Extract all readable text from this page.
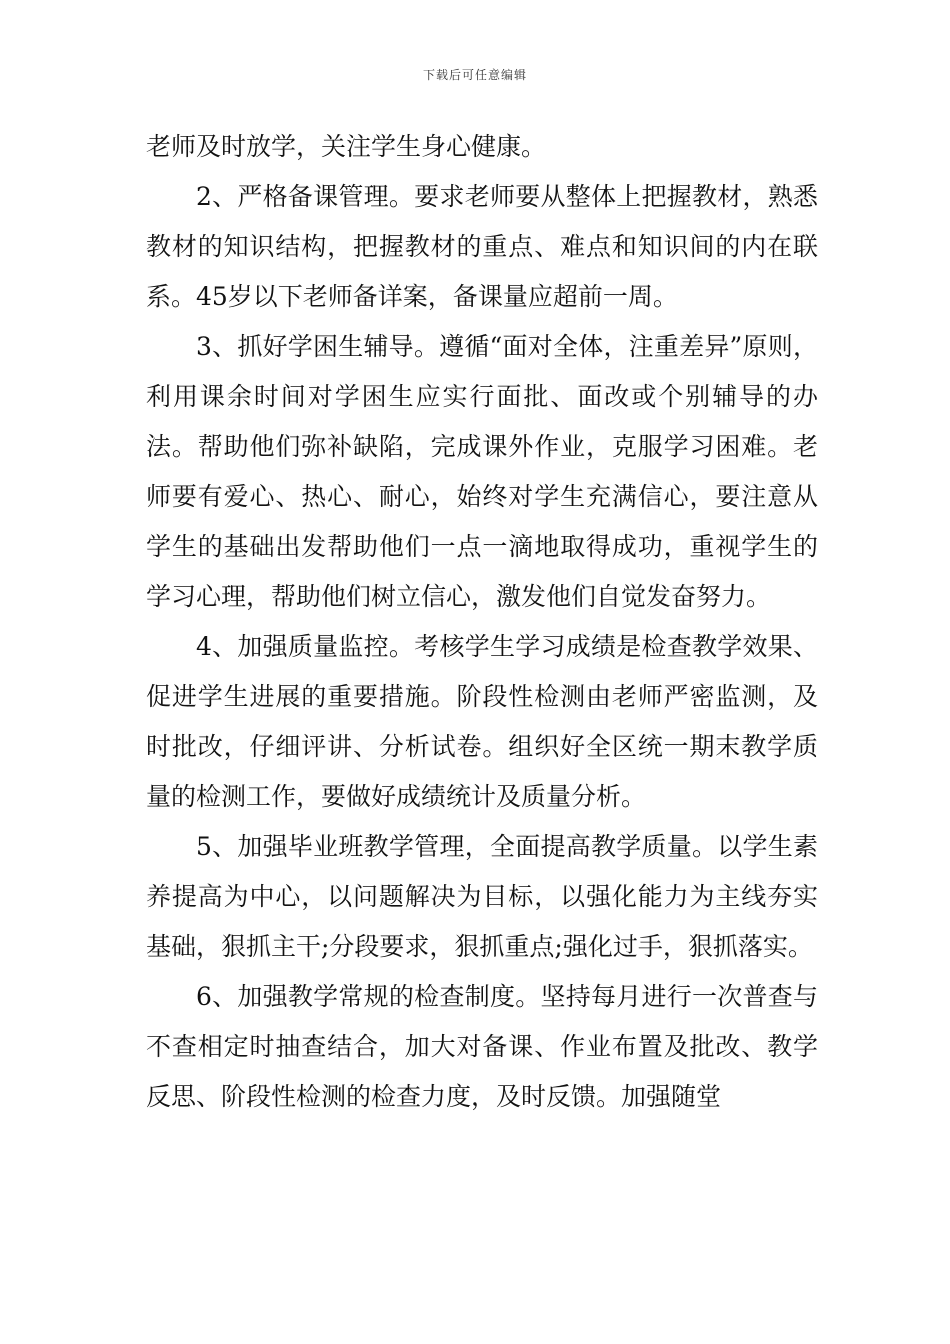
下载后可任意编辑

老师及时放学，关注学生身心健康。

2、严格备课管理。要求老师要从整体上把握教材，熟悉教材的知识结构，把握教材的重点、难点和知识间的内在联系。45岁以下老师备详案，备课量应超前一周。

3、抓好学困生辅导。遵循“面对全体，注重差异”原则，利用课余时间对学困生应实行面批、面改或个别辅导的办法。帮助他们弥补缺陷，完成课外作业，克服学习困难。老师要有爱心、热心、耐心，始终对学生充满信心，要注意从学生的基础出发帮助他们一点一滴地取得成功，重视学生的学习心理，帮助他们树立信心，激发他们自觉发奋努力。

4、加强质量监控。考核学生学习成绩是检查教学效果、促进学生进展的重要措施。阶段性检测由老师严密监测，及时批改，仔细评讲、分析试卷。组织好全区统一期末教学质量的检测工作，要做好成绩统计及质量分析。

5、加强毕业班教学管理，全面提高教学质量。以学生素养提高为中心，以问题解决为目标，以强化能力为主线夯实基础，狠抓主干;分段要求，狠抓重点;强化过手，狠抓落实。

6、加强教学常规的检查制度。坚持每月进行一次普查与不查相定时抽查结合，加大对备课、作业布置及批改、教学反思、阶段性检测的检查力度，及时反馈。加强随堂
